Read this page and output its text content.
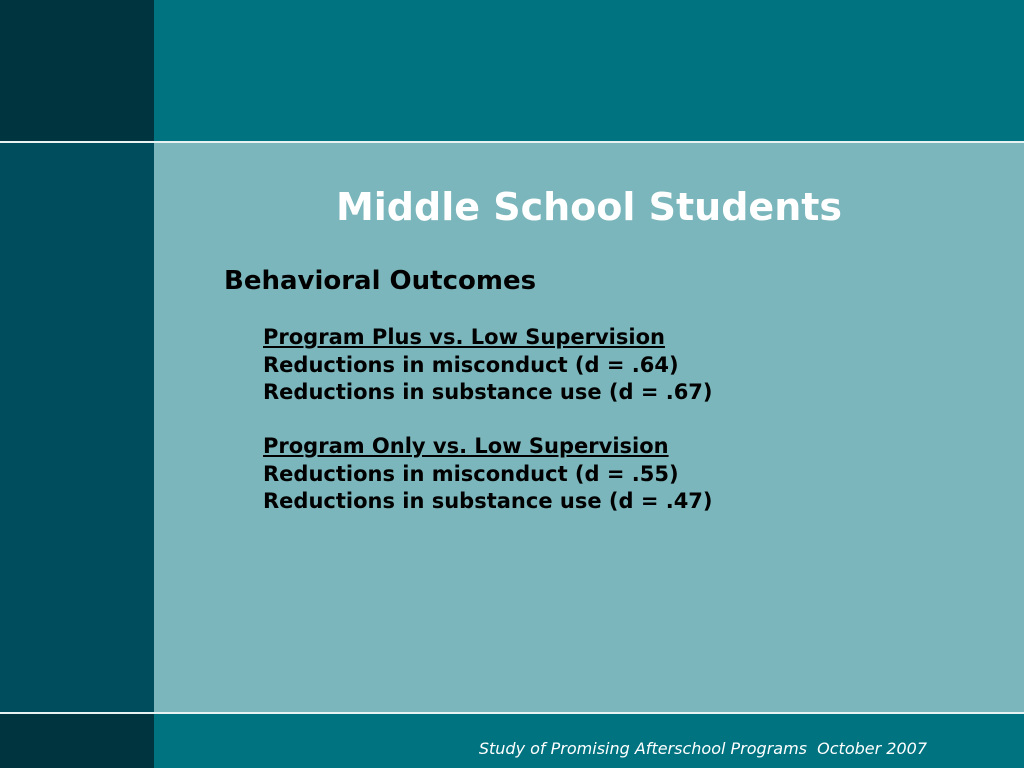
Middle School Students
Behavioral Outcomes
Program Plus vs. Low Supervision
Reductions in misconduct (d = .64)
Reductions in substance use (d = .67)
Program Only vs. Low Supervision
Reductions in misconduct (d = .55)
Reductions in substance use (d = .47)

Study of Promising Afterschool Programs  October 2007
